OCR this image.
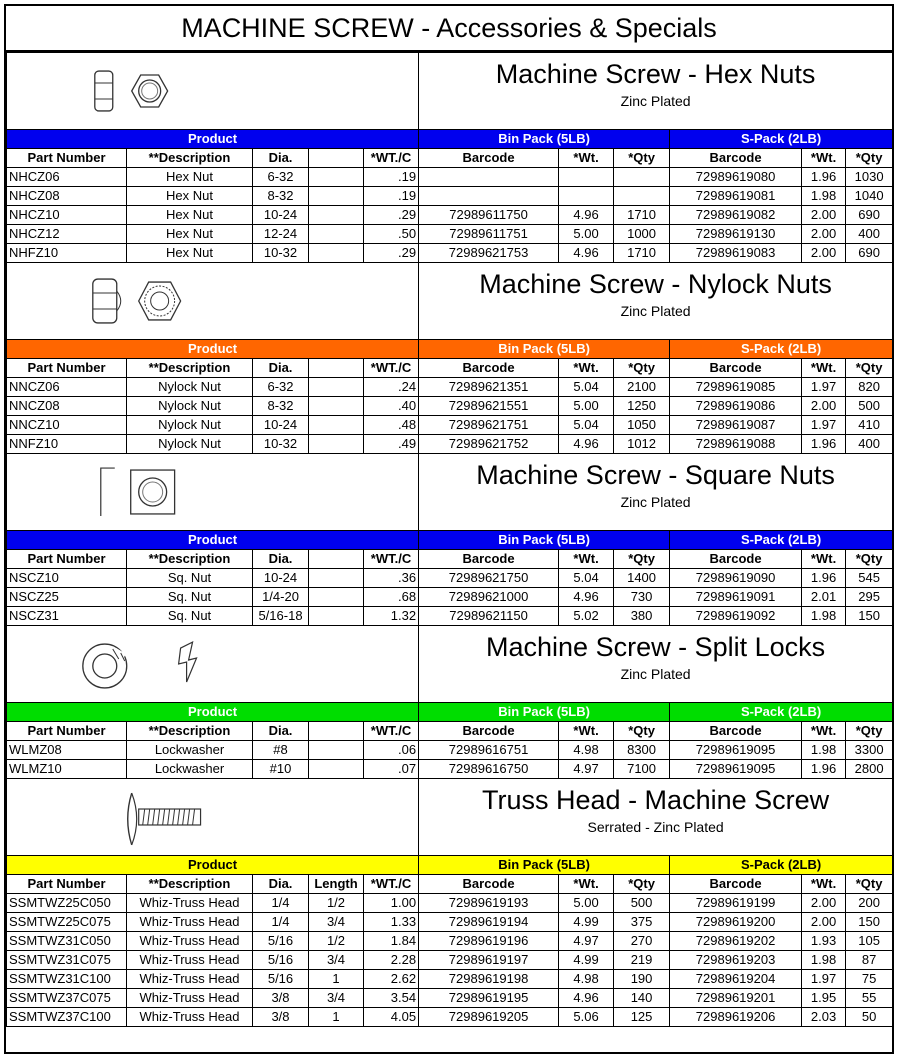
MACHINE SCREW - Accessories & Specials

Machine Screw - Hex Nuts
Zinc Plated					

Product					Bin Pack (5LB)			S-Pack (2LB)		
Part Number	**Description	Dia.		*WT./C	Barcode	*Wt.	*Qty	Barcode	*Wt.	*Qty
NHCZ06	Hex Nut	6-32		.19				72989619080	1.96	1030
NHCZ08	Hex Nut	8-32		.19				72989619081	1.98	1040
NHCZ10	Hex Nut	10-24		.29	72989611750	4.96	1710	72989619082	2.00	690
NHCZ12	Hex Nut	12-24		.50	72989611751	5.00	1000	72989619130	2.00	400
NHFZ10	Hex Nut	10-32		.29	72989621753	4.96	1710	72989619083	2.00	690

Machine Screw - Nylock Nuts
Zinc Plated					

Product					Bin Pack (5LB)			S-Pack (2LB)		
Part Number	**Description	Dia.		*WT./C	Barcode	*Wt.	*Qty	Barcode	*Wt.	*Qty
NNCZ06	Nylock Nut	6-32		.24	72989621351	5.04	2100	72989619085	1.97	820
NNCZ08	Nylock Nut	8-32		.40	72989621551	5.00	1250	72989619086	2.00	500
NNCZ10	Nylock Nut	10-24		.48	72989621751	5.04	1050	72989619087	1.97	410
NNFZ10	Nylock Nut	10-32		.49	72989621752	4.96	1012	72989619088	1.96	400

Machine Screw - Square Nuts
Zinc Plated					

Product					Bin Pack (5LB)			S-Pack (2LB)		
Part Number	**Description	Dia.		*WT./C	Barcode	*Wt.	*Qty	Barcode	*Wt.	*Qty
NSCZ10	Sq. Nut	10-24		.36	72989621750	5.04	1400	72989619090	1.96	545
NSCZ25	Sq. Nut	1/4-20		.68	72989621000	4.96	730	72989619091	2.01	295
NSCZ31	Sq. Nut	5/16-18		1.32	72989621150	5.02	380	72989619092	1.98	150

Machine Screw - Split Locks
Zinc Plated					

Product					Bin Pack (5LB)			S-Pack (2LB)		
Part Number	**Description	Dia.		*WT./C	Barcode	*Wt.	*Qty	Barcode	*Wt.	*Qty
WLMZ08	Lockwasher	#8		.06	72989616751	4.98	8300	72989619095	1.98	3300
WLMZ10	Lockwasher	#10		.07	72989616750	4.97	7100	72989619095	1.96	2800

Truss Head - Machine Screw
Serrated - Zinc Plated					

Product					Bin Pack (5LB)			S-Pack (2LB)		
Part Number	**Description	Dia.	Length	*WT./C	Barcode	*Wt.	*Qty	Barcode	*Wt.	*Qty
SSMTWZ25C050	Whiz-Truss Head	1/4	1/2	1.00	72989619193	5.00	500	72989619199	2.00	200
SSMTWZ25C075	Whiz-Truss Head	1/4	3/4	1.33	72989619194	4.99	375	72989619200	2.00	150
SSMTWZ31C050	Whiz-Truss Head	5/16	1/2	1.84	72989619196	4.97	270	72989619202	1.93	105
SSMTWZ31C075	Whiz-Truss Head	5/16	3/4	2.28	72989619197	4.99	219	72989619203	1.98	87
SSMTWZ31C100	Whiz-Truss Head	5/16	1	2.62	72989619198	4.98	190	72989619204	1.97	75
SSMTWZ37C075	Whiz-Truss Head	3/8	3/4	3.54	72989619195	4.96	140	72989619201	1.95	55
SSMTWZ37C100	Whiz-Truss Head	3/8	1	4.05	72989619205	5.06	125	72989619206	2.03	50
